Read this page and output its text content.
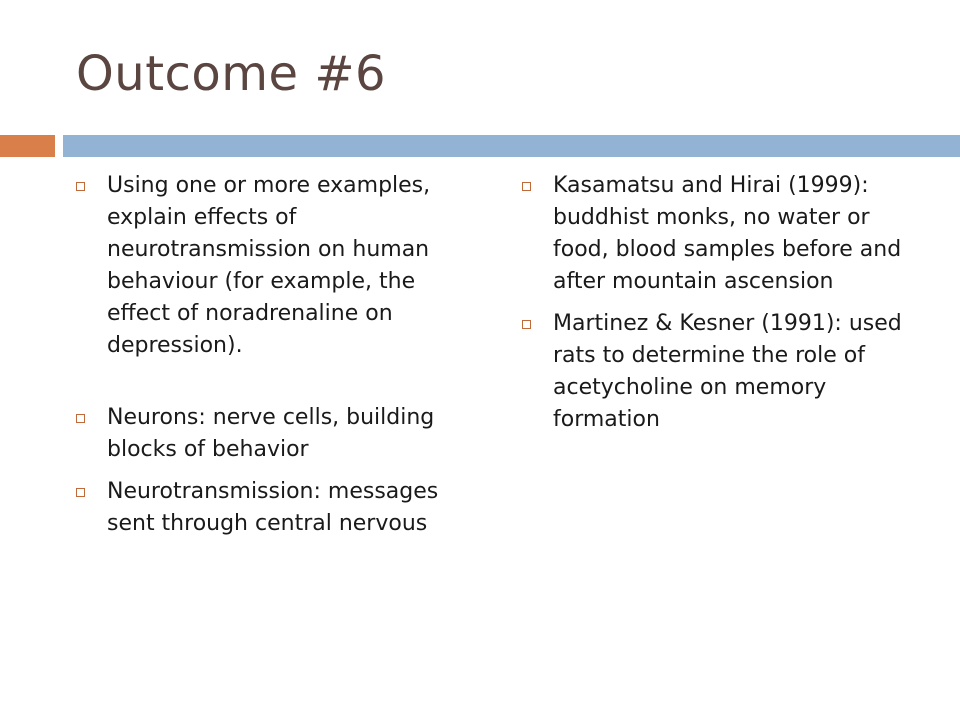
Outcome #6
Using one or more examples, explain effects of neurotransmission on human behaviour (for example, the effect of noradrenaline on depression).
Neurons: nerve cells, building blocks of behavior
Neurotransmission: messages sent through central nervous
Kasamatsu and Hirai (1999): buddhist monks, no water or food, blood samples before and after mountain ascension
Martinez & Kesner (1991): used rats to determine the role of acetycholine on memory formation
